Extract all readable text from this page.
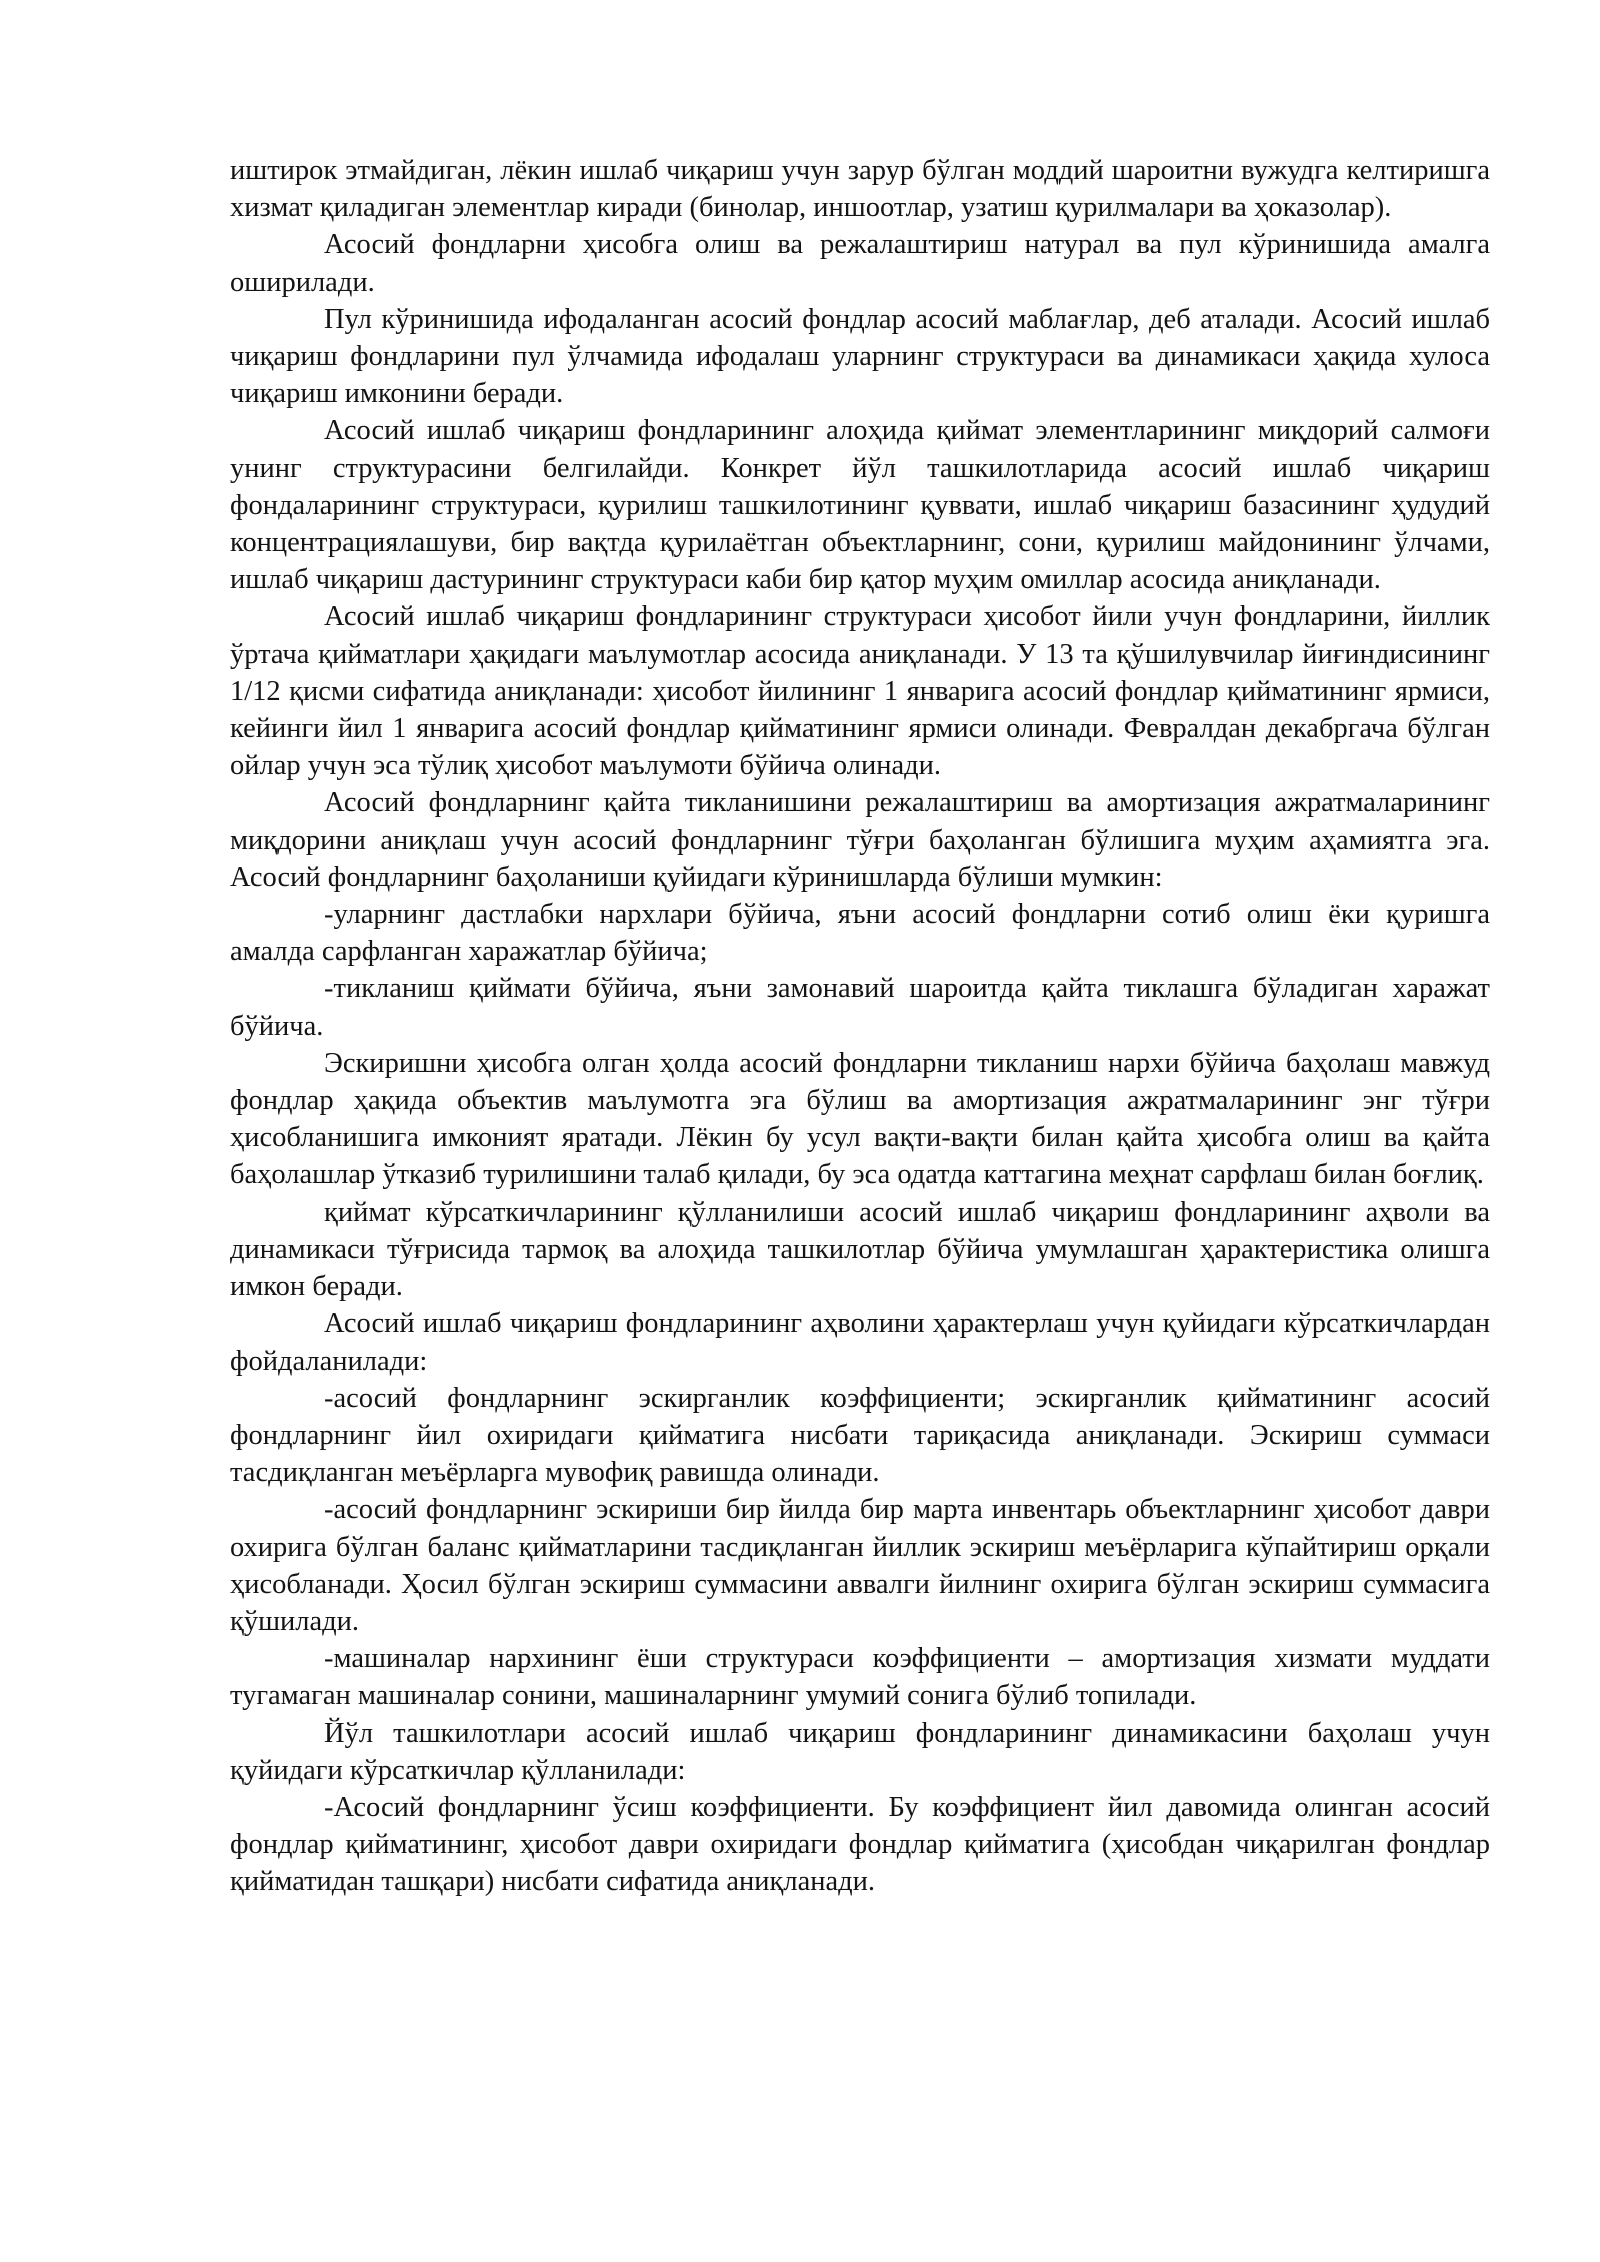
иштирок этмайдиган, лёкин ишлаб чиқариш учун зарур бўлган моддий шароитни вужудга келтиришга хизмат қиладиган элементлар киради (бинолар, иншоотлар, узатиш қурилмалари ва ҳоказолар).

Асосий фондларни ҳисобга олиш ва режалаштириш натурал ва пул кўринишида амалга оширилади.

Пул кўринишида ифодаланган асосий фондлар асосий маблағлар, деб аталади. Асосий ишлаб чиқариш фондларини пул ўлчамида ифодалаш уларнинг структураси ва динамикаси ҳақида хулоса чиқариш имконини беради.

Асосий ишлаб чиқариш фондларининг алоҳида қиймат элементларининг миқдорий салмоғи унинг структурасини белгилайди. Конкрет йўл ташкилотларида асосий ишлаб чиқариш фондаларининг структураси, қурилиш ташкилотининг қуввати, ишлаб чиқариш базасининг ҳудудий концентрациялашуви, бир вақтда қурилаётган объектларнинг, сони, қурилиш майдонининг ўлчами, ишлаб чиқариш дастурининг структураси каби бир қатор муҳим омиллар асосида аниқланади.

Асосий ишлаб чиқариш фондларининг структураси ҳисобот йили учун фондларини, йиллик ўртача қийматлари ҳақидаги маълумотлар асосида аниқланади. У 13 та қўшилувчилар йиғиндисининг 1/12 қисми сифатида аниқланади: ҳисобот йилининг 1 январига асосий фондлар қийматининг ярмиси, кейинги йил 1 январига асосий фондлар қийматининг ярмиси олинади. Февралдан декабргача бўлган ойлар учун эса тўлиқ ҳисобот маълумоти бўйича олинади.

Асосий фондларнинг қайта тикланишини режалаштириш ва амортизация ажратмаларининг миқдорини аниқлаш учун асосий фондларнинг тўғри баҳоланган бўлишига муҳим аҳамиятга эга. Асосий фондларнинг баҳоланиши қуйидаги кўринишларда бўлиши мумкин:

-уларнинг дастлабки нархлари бўйича, яъни асосий фондларни сотиб олиш ёки қуришга амалда сарфланган харажатлар бўйича;

-тикланиш қиймати бўйича, яъни замонавий шароитда қайта тиклашга бўладиган харажат бўйича.

Эскиришни ҳисобга олган ҳолда асосий фондларни тикланиш нархи бўйича баҳолаш мавжуд фондлар ҳақида объектив маълумотга эга бўлиш ва амортизация ажратмаларининг энг тўғри ҳисобланишига имконият яратади. Лёкин бу усул вақти-вақти билан қайта ҳисобга олиш ва қайта баҳолашлар ўтказиб турилишини талаб қилади, бу эса одатда каттагина меҳнат сарфлаш билан боғлиқ.

қиймат кўрсаткичларининг қўлланилиши асосий ишлаб чиқариш фондларининг аҳволи ва динамикаси тўғрисида тармоқ ва алоҳида ташкилотлар бўйича умумлашган ҳарактеристика олишга имкон беради.

Асосий ишлаб чиқариш фондларининг аҳволини ҳарактерлаш учун қуйидаги кўрсаткичлардан фойдаланилади:

-асосий фондларнинг эскирганлик коэффициенти; эскирганлик қийматининг асосий фондларнинг йил охиридаги қийматига нисбати тариқасида аниқланади. Эскириш суммаси тасдиқланган меъёрларга мувофиқ равишда олинади.

-асосий фондларнинг эскириши бир йилда бир марта инвентарь объектларнинг ҳисобот даври охирига бўлган баланс қийматларини тасдиқланган йиллик эскириш меъёрларига кўпайтириш орқали ҳисобланади. Ҳосил бўлган эскириш суммасини аввалги йилнинг охирига бўлган эскириш суммасига қўшилади.

-машиналар нархининг ёши структураси коэффициенти – амортизация хизмати муддати тугамаган машиналар сонини, машиналарнинг умумий сонига бўлиб топилади.

Йўл ташкилотлари асосий ишлаб чиқариш фондларининг динамикасини баҳолаш учун қуйидаги кўрсаткичлар қўлланилади:

-Асосий фондларнинг ўсиш коэффициенти. Бу коэффициент йил давомида олинган асосий фондлар қийматининг, ҳисобот даври охиридаги фондлар қийматига (ҳисобдан чиқарилган фондлар қийматидан ташқари) нисбати сифатида аниқланади.
